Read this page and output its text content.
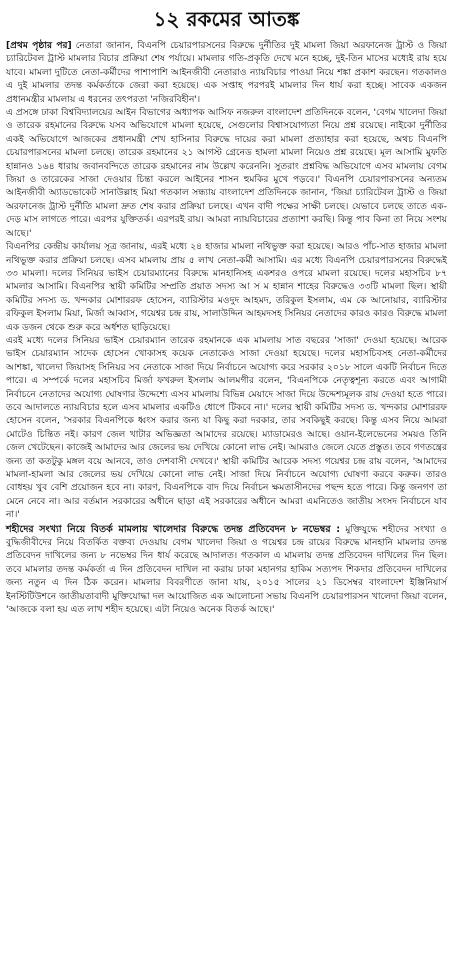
১২ রকমের আতঙ্ক

[প্রথম পৃষ্ঠার পর] নেতারা জানান, বিএনপি চেয়ারপারসনের বিরুদ্ধে দুর্নীতির দুই মামলা জিয়া অরফানেজ ট্রাস্ট ও জিয়া চ্যারিটেবল ট্রাস্ট মামলার বিচার প্রক্রিয়া শেষ পর্যায়ে। মামলার গতি-প্রকৃতি দেখে মনে হচ্ছে, দুই-তিন মাসের মধ্যেই রায় হয়ে যাবে। মামলা দুটিতে নেতা-কর্মীদের পাশাপাশি আইনজীবী নেতারাও ন্যায়বিচার পাওয়া নিয়ে শঙ্কা প্রকাশ করছেন। গতকালও এ দুই মামলার তদন্ত কর্মকর্তাকে জেরা করা হয়েছে। এক সপ্তাহ পরপরই মামলার দিন ধার্য করা হচ্ছে। সাবেক একজন প্রধানমন্ত্রীর মামলায় এ ধরনের তৎপরতা 'নজিরবিহীন'।

এ প্রসঙ্গে ঢাকা বিশ্ববিদ্যালয়ের আইন বিভাগের অধ্যাপক আসিফ নজরুল বাংলাদেশ প্রতিদিনকে বলেন, 'বেগম খালেদা জিয়া ও তারেক রহমানের বিরুদ্ধে যসব অভিযোগে মামলা হয়েছে, সেগুলোর বিশ্বাসযোগ্যতা নিয়ে প্রশ্ন রয়েছে। নাইকো দুর্নীতির একই অভিযোগে আজকের প্রধানমন্ত্রী শেখ হাসিনার বিরুদ্ধে দায়ের করা মামলা প্রত্যাহার করা হয়েছে, অথচ বিএনপি চেয়ারপারসনের মামলা চলছে। তারেক রহমানের ২১ আগস্ট গ্রেনেড হামলা মামলা নিয়েও প্রশ্ন রয়েছে। মূল আসামি মুফতি হান্নানও ১৬৪ ধারায় জবানবন্দিতে তারেক রহমানের নাম উল্লেখ করেননি। সুতরাং প্রশ্নবিদ্ধ অভিযোগে এসব মামলায় বেগম জিয়া ও তারেকের সাজা দেওয়ার চিন্তা করলে আইনের শাসন হুমকির মুখে পড়বে।' বিএনপি চেয়ারপারসনের অন্যতম আইনজীবী অ্যাডভোকেট সানাউল্লাহ মিয়া গতকাল সন্ধ্যায় বাংলাদেশ প্রতিদিনকে জানান, 'জিয়া চ্যারিটেবল ট্রাস্ট ও জিয়া অরফানেজ ট্রাস্ট দুর্নীতি মামলা দ্রুত শেষ করার প্রক্রিয়া চলছে। এখন বাদী পক্ষের সাক্ষী চলছে। যেভাবে চলছে তাতে এক-দেড় মাস লাগতে পারে। এরপর যুক্তিতর্ক। এরপরই রায়। আমরা ন্যায়বিচারের প্রত্যাশা করছি। কিন্তু পাব কিনা তা নিয়ে সংশয় আছে।'

বিএনপির কেন্দ্রীয় কার্যালয় সূত্র জানায়, এরই মধ্যে ২৪ হাজার মামলা নথিভুক্ত করা হয়েছে। আরও পাঁচ-সাত হাজার মামলা নথিভুক্ত করার প্রক্রিয়া চলছে। এসব মামলায় প্রায় ৫ লাখ নেতা-কর্মী আসামি। এর মধ্যে বিএনপি চেয়ারপারসনের বিরুদ্ধেই ৩৩ মামলা। দলের সিনিয়র ভাইস চেয়ারম্যানের বিরুদ্ধে মানহানিসহ একশরও ওপরে মামলা রয়েছে। দলের মহাসচিব ৮৭ মামলার আসামি। বিএনপির স্থায়ী কমিটির সম্প্রতি প্রয়াত সদস্য আ স ম হান্নান শাহের বিরুদ্ধেও ৩৩টি মামলা ছিল। স্থায়ী কমিটির সদস্য ড. খন্দকার মোশাররফ হোসেন, ব্যারিস্টার মওদুদ আহমদ, তরিকুল ইসলাম, এম কে আনোয়ার, ব্যারিস্টার রফিকুল ইসলাম মিয়া, মির্জা আব্বাস, গয়েশ্বর চন্দ্র রায়, সালাউদ্দিন আহমদসহ সিনিয়র নেতাদের কারও কারও বিরুদ্ধে মামলা এক ডজন থেকে শুরু করে অর্ধশত ছাড়িয়েছে।

এরই মধ্যে দলের সিনিয়র ভাইস চেয়ারম্যান তারেক রহমানকে এক মামলায় সাত বছরের 'সাজা' দেওয়া হয়েছে। আরেক ভাইস চেয়ারম্যান সাদেক হোসেন খোকাসহ কয়েক নেতাকেও সাজা দেওয়া হয়েছে। দলের মহাসচিবসহ নেতা-কর্মীদের আশঙ্কা, খালেদা জিয়াসহ সিনিয়র সব নেতাকে সাজা দিয়ে নির্বাচনে অযোগ্য করে সরকার ২০১৮ সালে একটি নির্বাচন দিতে পারে। এ সম্পর্কে দলের মহাসচিব মির্জা ফখরুল ইসলাম আলমগীর বলেন, 'বিএনপিকে নেতৃত্বশূন্য করতে এবং আগামী নির্বাচনে নেতাদের অযোগ্য ঘোষণার উদ্দেশ্যে এসব মামলায় বিভিন্ন মেয়াদে সাজা দিয়ে উদ্দেশ্যমূলক রায় দেওয়া হতে পারে। তবে আদালতে ন্যায়বিচার হলে এসব মামলার একটিও ধোপে টিকবে না।' দলের স্থায়ী কমিটির সদস্য ড. খন্দকার মোশাররফ হোসেন বলেন, 'সরকার বিএনপিকে ধ্বংস করার জন্য যা কিছু করা দরকার, তার সবকিছুই করছে। কিন্তু এসব নিয়ে আমরা মোটেও চিন্তিত নই। কারণ জেল খাটার অভিজ্ঞতা আমাদের রয়েছে। ম্যাডামেরও আছে। ওয়ান-ইলেভেনের সময়ও তিনি জেল খেটেছেন। কাজেই আমাদের আর জেলের ভয় দেখিয়ে কোনো লাভ নেই। আমরাও জেলে যেতে প্রস্তুত। তবে গণতন্ত্রের জন্য তা কতটুকু মঙ্গল বয়ে আনবে, তাও দেশবাসী দেখবে।' স্থায়ী কমিটির আরেক সদস্য গয়েশ্বর চন্দ্র রায় বলেন, 'আমাদের মামলা-হামলা আর জেলের ভয় দেখিয়ে কোনো লাভ নেই। সাজা দিয়ে নির্বাচনে অযোগ্য ঘোষণা করবে করুক। তারও বোধহয় খুব বেশি প্রয়োজন হবে না। কারণ, বিএনপিকে বাদ দিয়ে নির্বাচন ক্ষমতাসীনদের পছন্দ হতে পারে। কিন্তু জনগণ তা মেনে নেবে না। আর বর্তমান সরকারের অধীনে ছাড়া এই সরকারের অধীনে আমরা এমনিতেও জাতীয় সংসদ নির্বাচনে যাব না।'

শহীদের সংখ্যা নিয়ে বিতর্ক মামলায় খালেদার বিরুদ্ধে তদন্ত প্রতিবেদন ৮ নভেম্বর : মুক্তিযুদ্ধে শহীদের সংখ্যা ও বুদ্ধিজীবীদের নিয়ে বিতর্কিত বক্তব্য দেওয়ায় বেগম খালেদা জিয়া ও গয়েশ্বর চন্দ্র রায়ের বিরুদ্ধে মানহানি মামলার তদন্ত প্রতিবেদন দাখিলের জন্য ৮ নভেম্বর দিন ধার্য করেছে আদালত। গতকাল এ মামলায় তদন্ত প্রতিবেদন দাখিলের দিন ছিল। তবে মামলার তদন্ত কর্মকর্তা এ দিন প্রতিবেদন দাখিল না করায় ঢাকা মহানগর হাকিম সত্যপদ শিকদার প্রতিবেদন দাখিলের জন্য নতুন এ দিন ঠিক করেন। মামলার বিবরণীতে জানা যায়, ২০১৫ সালের ২১ ডিসেম্বর বাংলাদেশ ইঞ্জিনিয়ার্স ইনস্টিটিউশনে জাতীয়তাবাদী মুক্তিযোদ্ধা দল আয়োজিত এক আলোচনা সভায় বিএনপি চেয়ারপারসন খালেদা জিয়া বলেন, 'আজকে বলা হয় এত লাখ শহীদ হয়েছে। এটা নিয়েও অনেক বিতর্ক আছে।'
